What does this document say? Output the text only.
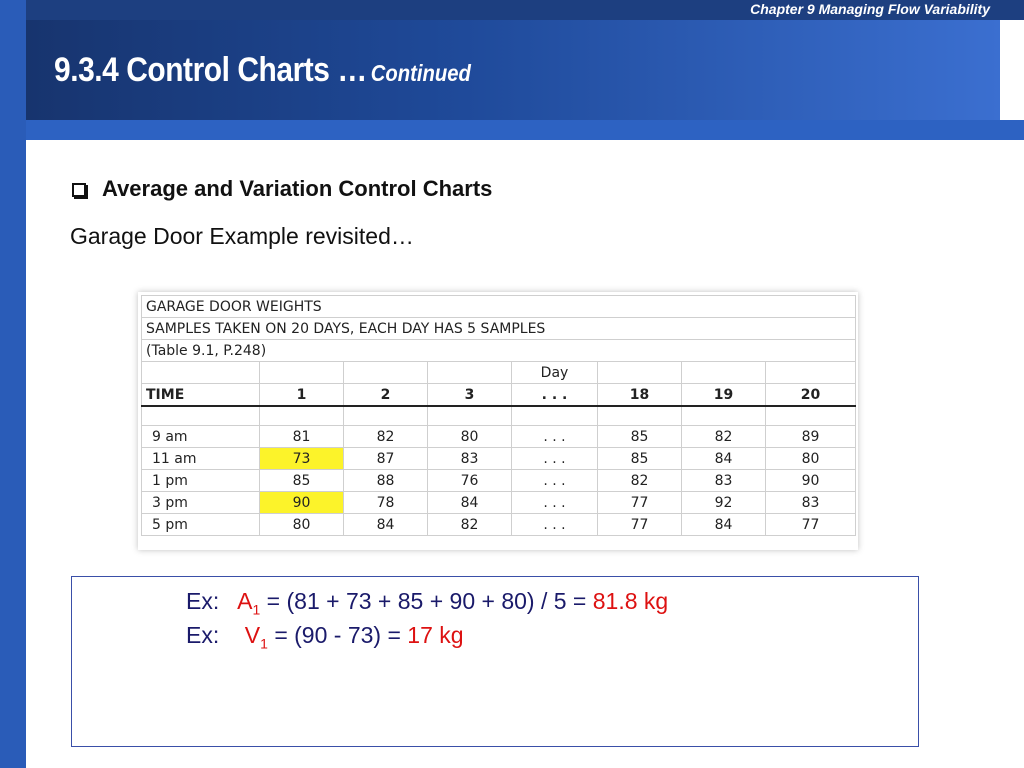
Chapter 9 Managing Flow Variability
38
9.3.4 Control Charts … Continued
Average and Variation Control Charts
Garage Door Example revisited…
GARAGE DOOR WEIGHTS							
SAMPLES TAKEN ON 20 DAYS, EACH DAY HAS 5 SAMPLES							
(Table 9.1, P.248)							
				Day			
TIME	1	2	3	. . .	18	19	20

9 am	81	82	80	. . .	85	82	89
11 am	73	87	83	. . .	85	84	80
1 pm	85	88	76	. . .	82	83	90
3 pm	90	78	84	. . .	77	92	83
5 pm	80	84	82	. . .	77	84	77
Ex: $A_1 = (81 + 73 + 85 + 90 + 80) / 5 = 81.8$ kg
Ex: $V_1 = (90 - 73) = 17$ kg
